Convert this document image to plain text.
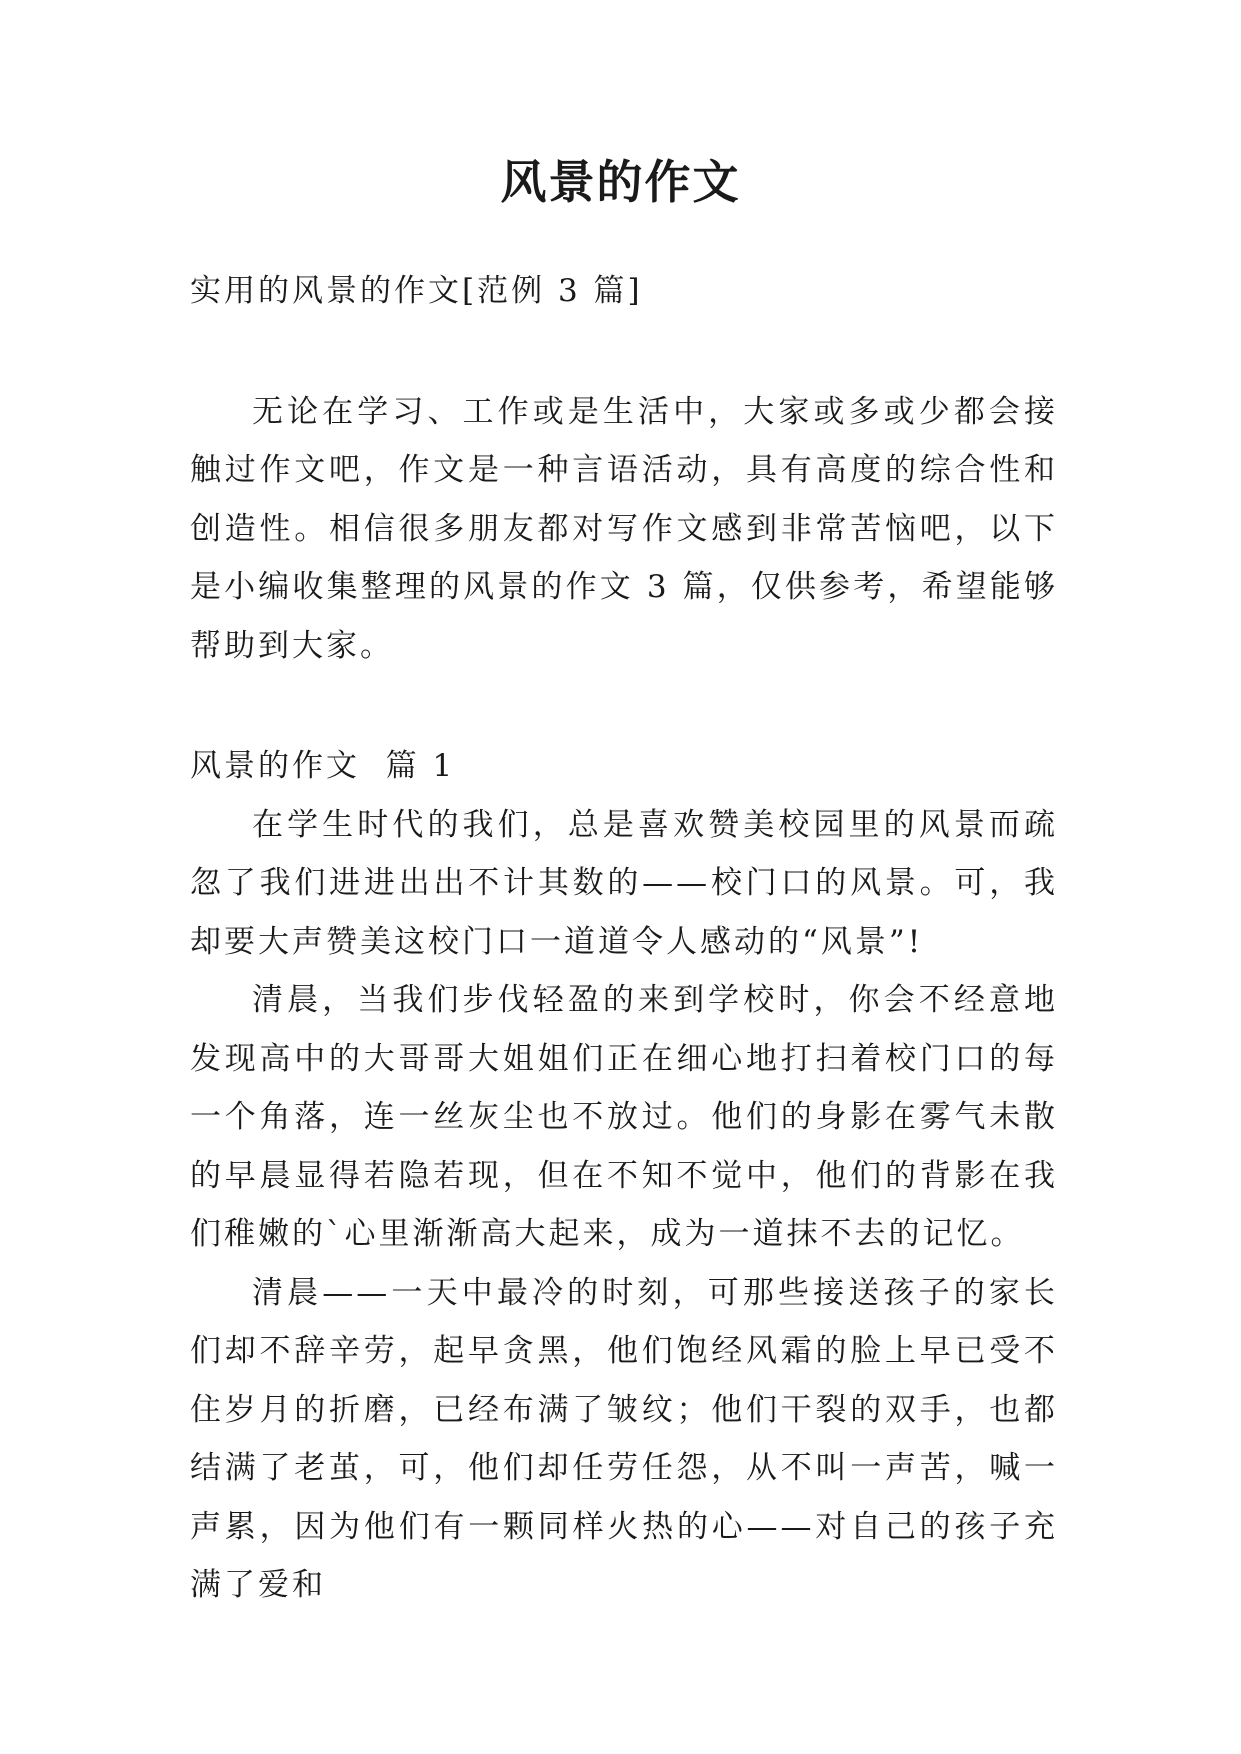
风景的作文

实用的风景的作文[范例 3 篇]

无论在学习、工作或是生活中，大家或多或少都会接触过作文吧，作文是一种言语活动，具有高度的综合性和创造性。相信很多朋友都对写作文感到非常苦恼吧，以下是小编收集整理的风景的作文 3 篇，仅供参考，希望能够帮助到大家。

风景的作文  篇 1

在学生时代的我们，总是喜欢赞美校园里的风景而疏忽了我们进进出出不计其数的——校门口的风景。可，我却要大声赞美这校门口一道道令人感动的“风景”!

清晨，当我们步伐轻盈的来到学校时，你会不经意地发现高中的大哥哥大姐姐们正在细心地打扫着校门口的每一个角落，连一丝灰尘也不放过。他们的身影在雾气未散的早晨显得若隐若现，但在不知不觉中，他们的背影在我们稚嫩的`心里渐渐高大起来，成为一道抹不去的记忆。

清晨——一天中最冷的时刻，可那些接送孩子的家长们却不辞辛劳，起早贪黑，他们饱经风霜的脸上早已受不住岁月的折磨，已经布满了皱纹；他们干裂的双手，也都结满了老茧，可，他们却任劳任怨，从不叫一声苦，喊一声累，因为他们有一颗同样火热的心——对自己的孩子充满了爱和
